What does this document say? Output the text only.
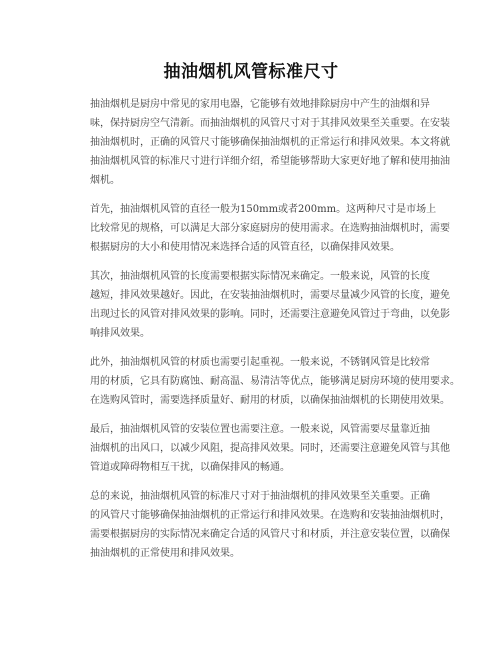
抽油烟机风管标准尺寸

抽油烟机是厨房中常见的家用电器，它能够有效地排除厨房中产生的油烟和异
味，保持厨房空气清新。而抽油烟机的风管尺寸对于其排风效果至关重要。在安装
抽油烟机时，正确的风管尺寸能够确保抽油烟机的正常运行和排风效果。本文将就
抽油烟机风管的标准尺寸进行详细介绍，希望能够帮助大家更好地了解和使用抽油
烟机。

首先，抽油烟机风管的直径一般为150mm或者200mm。这两种尺寸是市场上
比较常见的规格，可以满足大部分家庭厨房的使用需求。在选购抽油烟机时，需要
根据厨房的大小和使用情况来选择合适的风管直径，以确保排风效果。

其次，抽油烟机风管的长度需要根据实际情况来确定。一般来说，风管的长度
越短，排风效果越好。因此，在安装抽油烟机时，需要尽量减少风管的长度，避免
出现过长的风管对排风效果的影响。同时，还需要注意避免风管过于弯曲，以免影
响排风效果。

此外，抽油烟机风管的材质也需要引起重视。一般来说，不锈钢风管是比较常
用的材质，它具有防腐蚀、耐高温、易清洁等优点，能够满足厨房环境的使用要求。
在选购风管时，需要选择质量好、耐用的材质，以确保抽油烟机的长期使用效果。

最后，抽油烟机风管的安装位置也需要注意。一般来说，风管需要尽量靠近抽
油烟机的出风口，以减少风阻，提高排风效果。同时，还需要注意避免风管与其他
管道或障碍物相互干扰，以确保排风的畅通。

总的来说，抽油烟机风管的标准尺寸对于抽油烟机的排风效果至关重要。正确
的风管尺寸能够确保抽油烟机的正常运行和排风效果。在选购和安装抽油烟机时，
需要根据厨房的实际情况来确定合适的风管尺寸和材质，并注意安装位置，以确保
抽油烟机的正常使用和排风效果。
